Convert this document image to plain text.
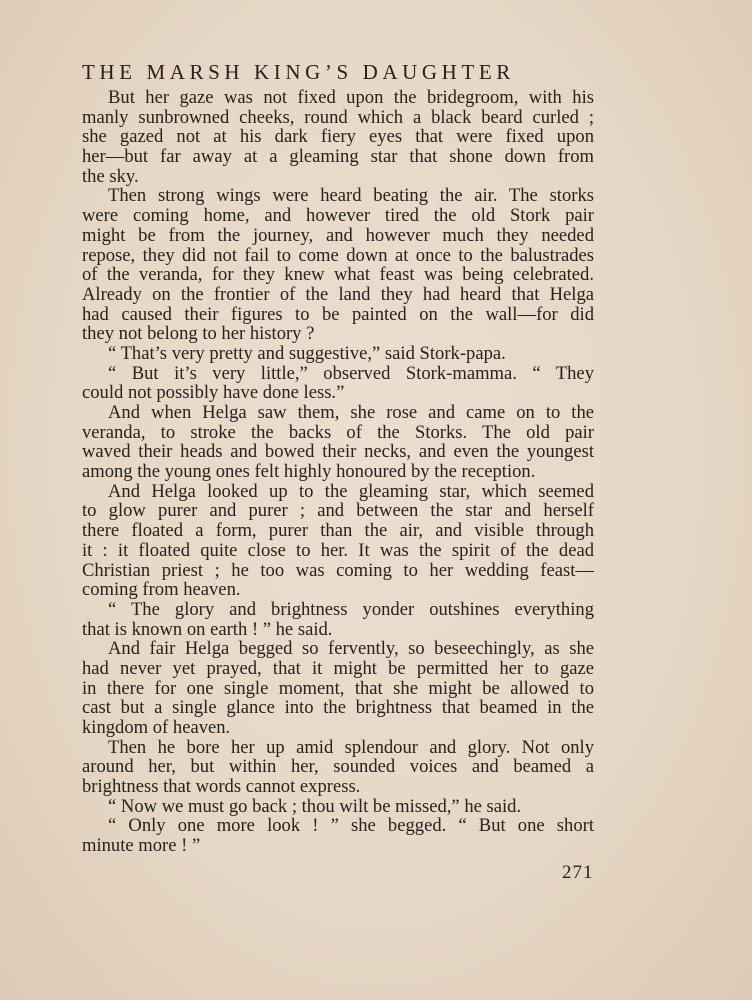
THE MARSH KING’S DAUGHTER
But her gaze was not fixed upon the bridegroom, with his
manly sunbrowned cheeks, round which a black beard curled ;
she gazed not at his dark fiery eyes that were fixed upon
her—but far away at a gleaming star that shone down from
the sky.
Then strong wings were heard beating the air. The storks
were coming home, and however tired the old Stork pair
might be from the journey, and however much they needed
repose, they did not fail to come down at once to the balustrades
of the veranda, for they knew what feast was being celebrated.
Already on the frontier of the land they had heard that Helga
had caused their figures to be painted on the wall—for did
they not belong to her history ?
“ That’s very pretty and suggestive,” said Stork-papa.
“ But it’s very little,” observed Stork-mamma. “ They
could not possibly have done less.”
And when Helga saw them, she rose and came on to the
veranda, to stroke the backs of the Storks. The old pair
waved their heads and bowed their necks, and even the youngest
among the young ones felt highly honoured by the reception.
And Helga looked up to the gleaming star, which seemed
to glow purer and purer ; and between the star and herself
there floated a form, purer than the air, and visible through
it : it floated quite close to her. It was the spirit of the dead
Christian priest ; he too was coming to her wedding feast—
coming from heaven.
“ The glory and brightness yonder outshines everything
that is known on earth ! ” he said.
And fair Helga begged so fervently, so beseechingly, as she
had never yet prayed, that it might be permitted her to gaze
in there for one single moment, that she might be allowed to
cast but a single glance into the brightness that beamed in the
kingdom of heaven.
Then he bore her up amid splendour and glory. Not only
around her, but within her, sounded voices and beamed a
brightness that words cannot express.
“ Now we must go back ; thou wilt be missed,” he said.
“ Only one more look ! ” she begged. “ But one short
minute more ! ”
271
